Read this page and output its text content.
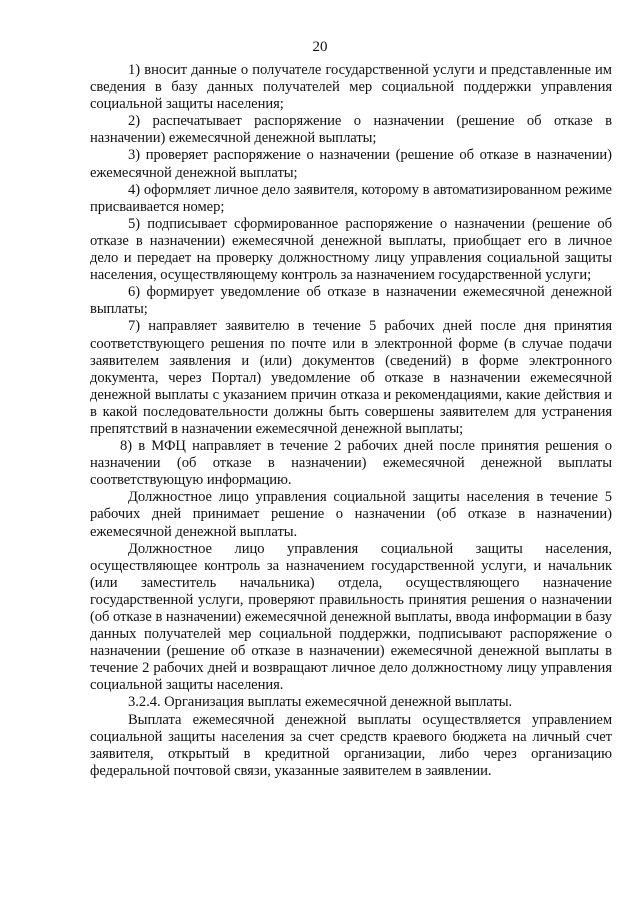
20

1) вносит данные о получателе государственной услуги и представленные им сведения в базу данных получателей мер социальной поддержки управления социальной защиты населения;

2) распечатывает распоряжение о назначении (решение об отказе в назначении) ежемесячной денежной выплаты;

3) проверяет распоряжение о назначении (решение об отказе в назначении) ежемесячной денежной выплаты;

4) оформляет личное дело заявителя, которому в автоматизированном режиме присваивается номер;

5) подписывает сформированное распоряжение о назначении (решение об отказе в назначении) ежемесячной денежной выплаты, приобщает его в личное дело и передает на проверку должностному лицу управления социальной защиты населения, осуществляющему контроль за назначением государственной услуги;

6) формирует уведомление об отказе в назначении ежемесячной денежной выплаты;

7) направляет заявителю в течение 5 рабочих дней после дня принятия соответствующего решения по почте или в электронной форме (в случае подачи заявителем заявления и (или) документов (сведений) в форме электронного документа, через Портал) уведомление об отказе в назначении ежемесячной денежной выплаты с указанием причин отказа и рекомендациями, какие действия и в какой последовательности должны быть совершены заявителем для устранения препятствий в назначении ежемесячной денежной выплаты;

8) в МФЦ направляет в течение 2 рабочих дней после принятия решения о назначении (об отказе в назначении) ежемесячной денежной выплаты соответствующую информацию.

Должностное лицо управления социальной защиты населения в течение 5 рабочих дней принимает решение о назначении (об отказе в назначении) ежемесячной денежной выплаты.

Должностное лицо управления социальной защиты населения, осуществляющее контроль за назначением государственной услуги, и начальник (или заместитель начальника) отдела, осуществляющего назначение государственной услуги, проверяют правильность принятия решения о назначении (об отказе в назначении) ежемесячной денежной выплаты, ввода информации в базу данных получателей мер социальной поддержки, подписывают распоряжение о назначении (решение об отказе в назначении) ежемесячной денежной выплаты в течение 2 рабочих дней и возвращают личное дело должностному лицу управления социальной защиты населения.

3.2.4. Организация выплаты ежемесячной денежной выплаты.

Выплата ежемесячной денежной выплаты осуществляется управлением социальной защиты населения за счет средств краевого бюджета на личный счет заявителя, открытый в кредитной организации, либо через организацию федеральной почтовой связи, указанные заявителем в заявлении.
